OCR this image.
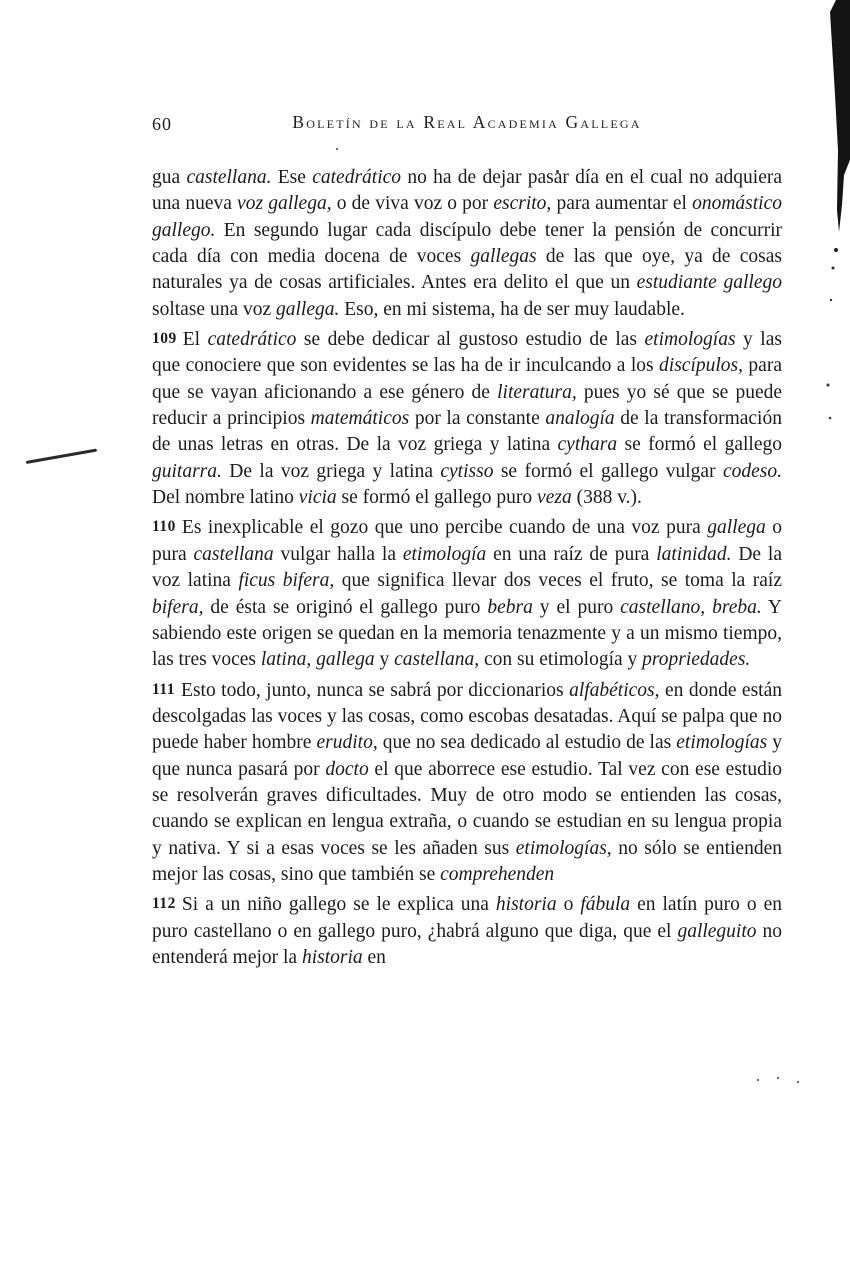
60	Boletín de la Real Academia Gallega

gua castellana. Ese catedrático no ha de dejar pasar día en el cual no adquiera una nueva voz gallega, o de viva voz o por escrito, para aumentar el onomástico gallego. En segundo lugar cada discípulo debe tener la pensión de concurrir cada día con media docena de voces gallegas de las que oye, ya de cosas naturales ya de cosas artificiales. Antes era delito el que un estudiante gallego soltase una voz gallega. Eso, en mi sistema, ha de ser muy laudable.

109 El catedrático se debe dedicar al gustoso estudio de las etimologías y las que conociere que son evidentes se las ha de ir inculcando a los discípulos, para que se vayan aficionando a ese género de literatura, pues yo sé que se puede reducir a principios matemáticos por la constante analogía de la transformación de unas letras en otras. De la voz griega y latina cythara se formó el gallego guitarra. De la voz griega y latina cytisso se formó el gallego vulgar codeso. Del nombre latino vicia se formó el gallego puro veza (388 v.).

110 Es inexplicable el gozo que uno percibe cuando de una voz pura gallega o pura castellana vulgar halla la etimología en una raíz de pura latinidad. De la voz latina ficus bifera, que significa llevar dos veces el fruto, se toma la raíz bifera, de ésta se originó el gallego puro bebra y el puro castellano, breba. Y sabiendo este origen se quedan en la memoria tenazmente y a un mismo tiempo, las tres voces latina, gallega y castellana, con su etimología y propriedades.

111 Esto todo, junto, nunca se sabrá por diccionarios alfabéticos, en donde están descolgadas las voces y las cosas, como escobas desatadas. Aquí se palpa que no puede haber hombre erudito, que no sea dedicado al estudio de las etimologías y que nunca pasará por docto el que aborrece ese estudio. Tal vez con ese estudio se resolverán graves dificultades. Muy de otro modo se entienden las cosas, cuando se explican en lengua extraña, o cuando se estudian en su lengua propia y nativa. Y si a esas voces se les añaden sus etimologías, no sólo se entienden mejor las cosas, sino que también se comprehenden

112 Si a un niño gallego se le explica una historia o fábula en latín puro o en puro castellano o en gallego puro, ¿habrá alguno que diga, que el galleguito no entenderá mejor la historia en
